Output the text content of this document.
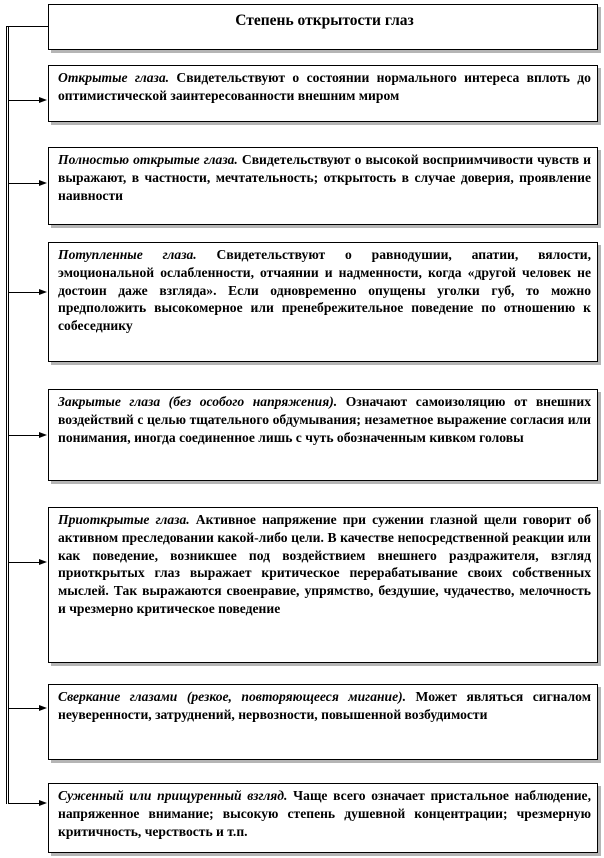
Степень открытости глаз
Открытые глаза. Свидетельствуют о состоянии нормального интереса вплоть до оптимистической заинтересованности внешним миром
Полностью открытые глаза. Свидетельствуют о высокой восприимчивости чувств и выражают, в частности, мечтательность; открытость в случае доверия, проявление наивности
Потупленные глаза. Свидетельствуют о равнодушии, апатии, вялости, эмоциональной ослабленности, отчаянии и надменности, когда «другой человек не достоин даже взгляда». Если одновременно опущены уголки губ, то можно предположить высокомерное или пренебрежительное поведение по отношению к собеседнику
Закрытые глаза (без особого напряжения). Означают самоизоляцию от внешних воздействий с целью тщательного обдумывания; незаметное выражение согласия или понимания, иногда соединенное лишь с чуть обозначенным кивком головы
Приоткрытые глаза. Активное напряжение при сужении глазной щели говорит об активном преследовании какой-либо цели. В качестве непосредственной реакции или как поведение, возникшее под воздействием внешнего раздражителя, взгляд приоткрытых глаз выражает критическое перерабатывание своих собственных мыслей. Так выражаются своенравие, упрямство, бездушие, чудачество, мелочность и чрезмерно критическое поведение
Сверкание глазами (резкое, повторяющееся мигание). Может являться сигналом неуверенности, затруднений, нервозности, повышенной возбудимости
Суженный или прищуренный взгляд. Чаще всего означает пристальное наблюдение, напряженное внимание; высокую степень душевной концентрации; чрезмерную критичность, черствость и т.п.
